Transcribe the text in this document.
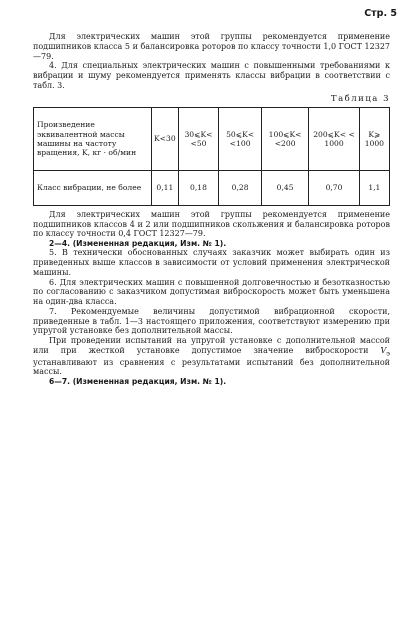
Стр. 5

Для электрических машин этой группы рекомендуется применение подшипников класса 5 и балансировка роторов по классу точности 1,0 ГОСТ 12327—79.

4. Для специальных электрических машин с повышенными требованиями к вибрации и шуму рекомендуется применять классы вибрации в соответствии с табл. 3.

Таблица 3
Произведение эквивалентной массы машины на частоту вращения, K, кг · об/мин	K<30	30⩽K< <50	50⩽K< <100	100⩽K< <200	200⩽K< < 1000	K⩾ 1000
Класс вибрации, не более	0,11	0,18	0,28	0,45	0,70	1,1

Для электрических машин этой группы рекомендуется применение подшипников классов 4 и 2 или подшипников скольжения и балансировка роторов по классу точности 0,4 ГОСТ 12327—79.

2—4. (Измененная редакция, Изм. № 1).

5. В технически обоснованных случаях заказчик может выбирать один из приведенных выше классов в зависимости от условий применения электрической машины.

6. Для электрических машин с повышенной долговечностью и безотказностью по согласованию с заказчиком допустимая виброскорость может быть уменьшена на один-два класса.

7. Рекомендуемые величины допустимой вибрационной скорости, приведенные в табл. 1—3 настоящего приложения, соответствуют измерению при упругой установке без дополнительной массы.

При проведении испытаний на упругой установке с дополнительной массой или при жесткой установке допустимое значение виброскорости $V_э$ устанавливают из сравнения с результатами испытаний без дополнительной массы.

6—7. (Измененная редакция, Изм. № 1).
